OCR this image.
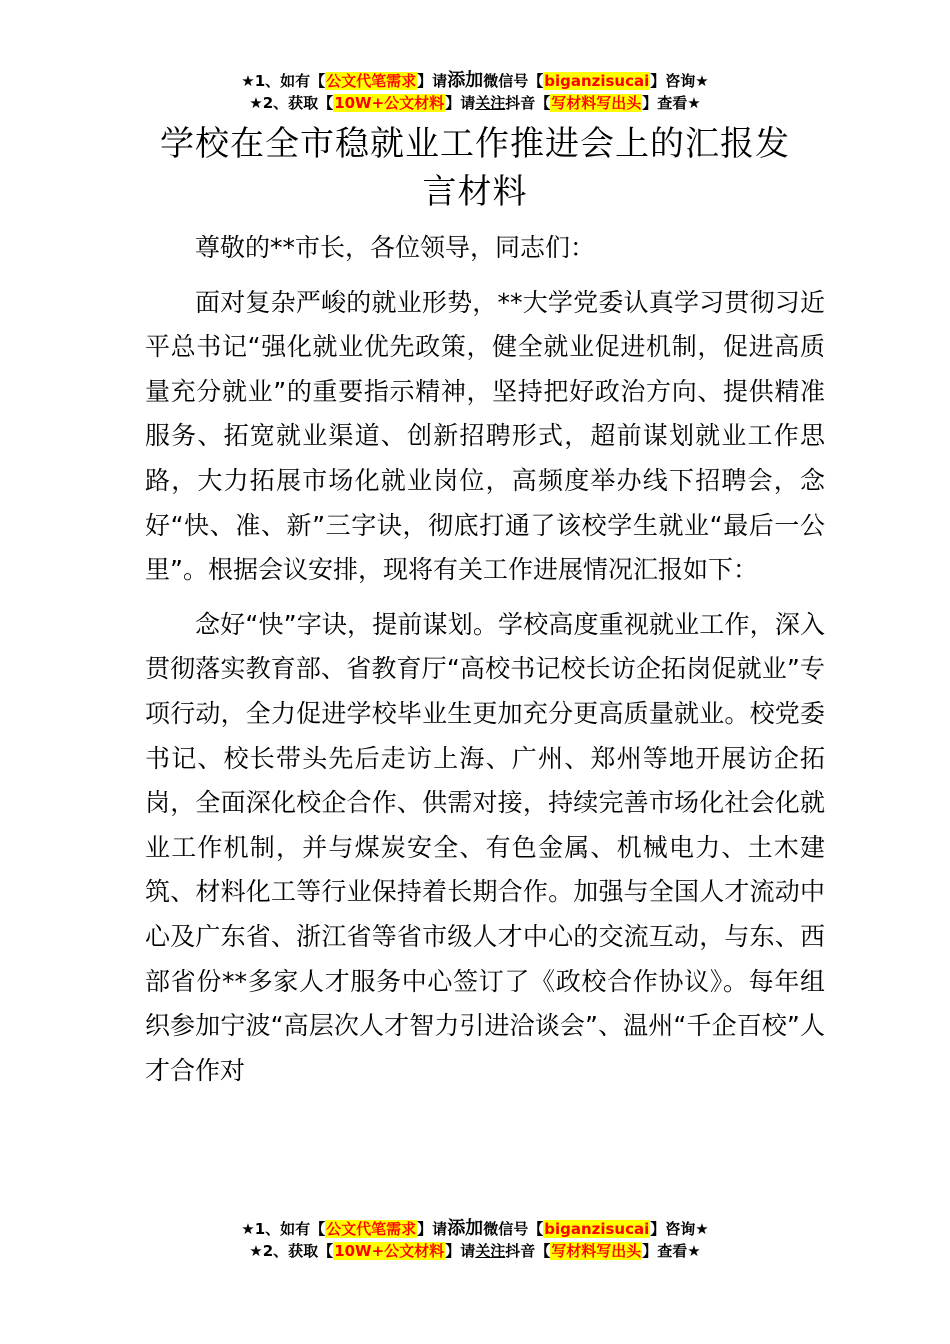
★1、如有【公文代笔需求】请添加微信号【biganzisucai】咨询★
★2、获取【10W+公文材料】请关注抖音【写材料写出头】查看★
学校在全市稳就业工作推进会上的汇报发言材料

尊敬的**市长，各位领导，同志们：

面对复杂严峻的就业形势，**大学党委认真学习贯彻习近平总书记“强化就业优先政策，健全就业促进机制，促进高质量充分就业”的重要指示精神，坚持把好政治方向、提供精准服务、拓宽就业渠道、创新招聘形式，超前谋划就业工作思路，大力拓展市场化就业岗位，高频度举办线下招聘会，念好“快、准、新”三字诀，彻底打通了该校学生就业“最后一公里”。根据会议安排，现将有关工作进展情况汇报如下：

念好“快”字诀，提前谋划。学校高度重视就业工作，深入贯彻落实教育部、省教育厅“高校书记校长访企拓岗促就业”专项行动，全力促进学校毕业生更加充分更高质量就业。校党委书记、校长带头先后走访上海、广州、郑州等地开展访企拓岗，全面深化校企合作、供需对接，持续完善市场化社会化就业工作机制，并与煤炭安全、有色金属、机械电力、土木建筑、材料化工等行业保持着长期合作。加强与全国人才流动中心及广东省、浙江省等省市级人才中心的交流互动，与东、西部省份**多家人才服务中心签订了《政校合作协议》。每年组织参加宁波“高层次人才智力引进洽谈会”、温州“千企百校”人才合作对

★1、如有【公文代笔需求】请添加微信号【biganzisucai】咨询★
★2、获取【10W+公文材料】请关注抖音【写材料写出头】查看★
